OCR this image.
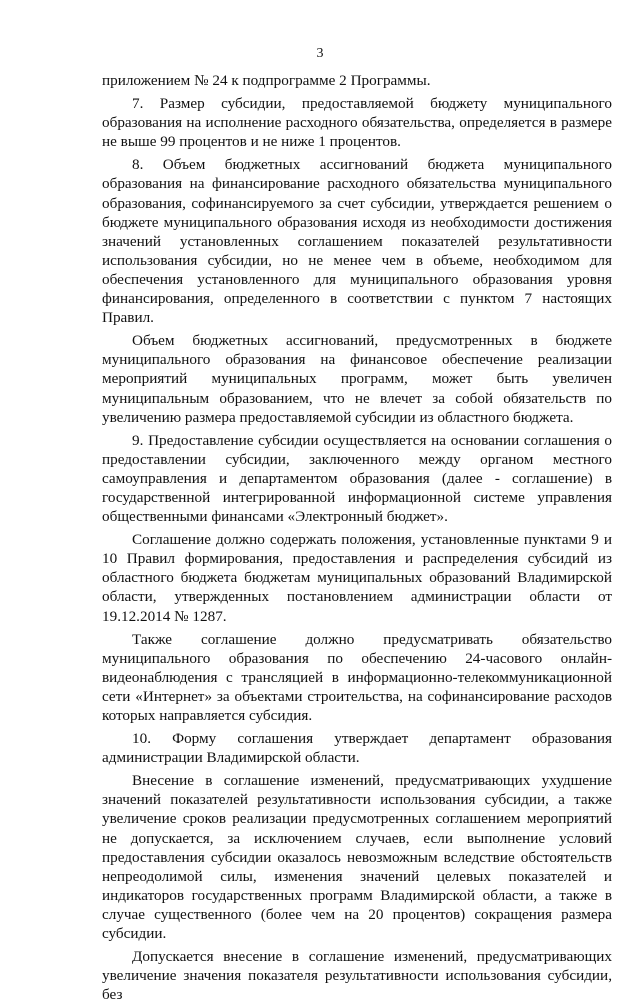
3

приложением № 24 к подпрограмме 2 Программы.

7. Размер субсидии, предоставляемой бюджету муниципального образования на исполнение расходного обязательства, определяется в размере не выше 99 процентов и не ниже 1 процентов.

8. Объем бюджетных ассигнований бюджета муниципального образования на финансирование расходного обязательства муниципального образования, софинансируемого за счет субсидии, утверждается решением о бюджете муниципального образования исходя из необходимости достижения значений установленных соглашением показателей результативности использования субсидии, но не менее чем в объеме, необходимом для обеспечения установленного для муниципального образования уровня финансирования, определенного в соответствии с пунктом 7 настоящих Правил.

Объем бюджетных ассигнований, предусмотренных в бюджете муниципального образования на финансовое обеспечение реализации мероприятий муниципальных программ, может быть увеличен муниципальным образованием, что не влечет за собой обязательств по увеличению размера предоставляемой субсидии из областного бюджета.

9. Предоставление субсидии осуществляется на основании соглашения о предоставлении субсидии, заключенного между органом местного самоуправления и департаментом образования (далее - соглашение) в государственной интегрированной информационной системе управления общественными финансами «Электронный бюджет».

Соглашение должно содержать положения, установленные пунктами 9 и 10 Правил формирования, предоставления и распределения субсидий из областного бюджета бюджетам муниципальных образований Владимирской области, утвержденных постановлением администрации области от 19.12.2014 № 1287.

Также соглашение должно предусматривать обязательство муниципального образования по обеспечению 24-часового онлайн-видеонаблюдения с трансляцией в информационно-телекоммуникационной сети «Интернет» за объектами строительства, на софинансирование расходов которых направляется субсидия.

10. Форму соглашения утверждает департамент образования администрации Владимирской области.

Внесение в соглашение изменений, предусматривающих ухудшение значений показателей результативности использования субсидии, а также увеличение сроков реализации предусмотренных соглашением мероприятий не допускается, за исключением случаев, если выполнение условий предоставления субсидии оказалось невозможным вследствие обстоятельств непреодолимой силы, изменения значений целевых показателей и индикаторов государственных программ Владимирской области, а также в случае существенного (более чем на 20 процентов) сокращения размера субсидии.

Допускается внесение в соглашение изменений, предусматривающих увеличение значения показателя результативности использования субсидии, без
